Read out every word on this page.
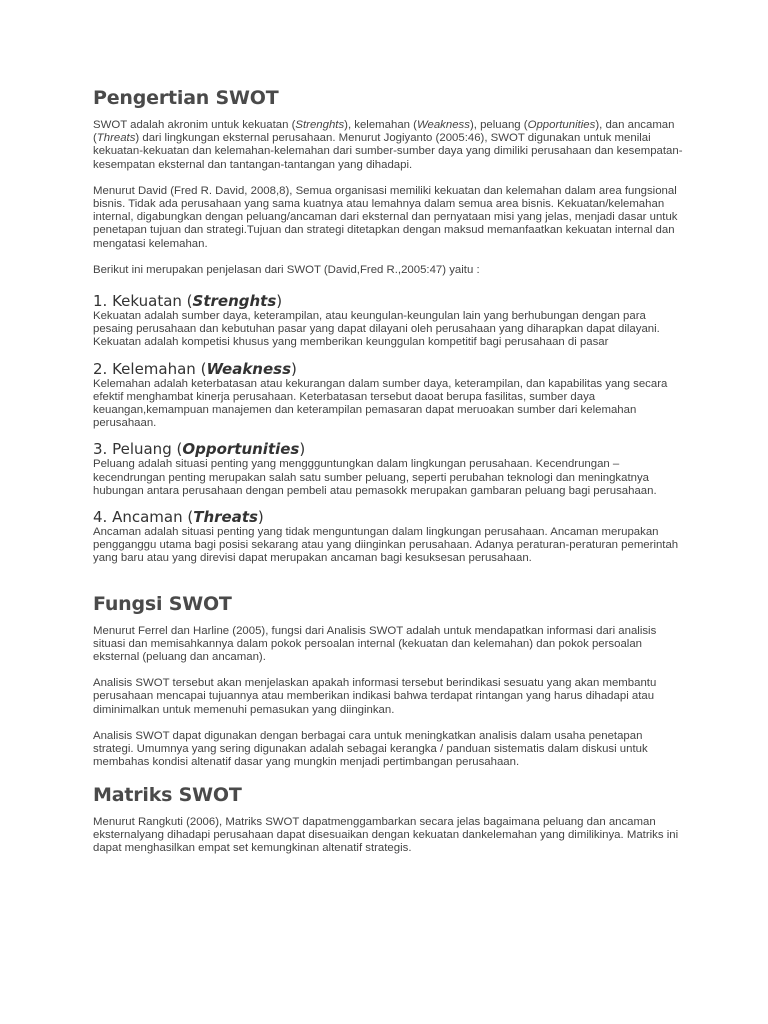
Pengertian SWOT

SWOT adalah akronim untuk kekuatan (Strenghts), kelemahan (Weakness), peluang (Opportunities), dan ancaman (Threats) dari lingkungan eksternal perusahaan. Menurut Jogiyanto (2005:46), SWOT digunakan untuk menilai kekuatan-kekuatan dan kelemahan-kelemahan dari sumber-sumber daya yang dimiliki perusahaan dan kesempatan-kesempatan eksternal dan tantangan-tantangan yang dihadapi.

Menurut David (Fred R. David, 2008,8), Semua organisasi memiliki kekuatan dan kelemahan dalam area fungsional bisnis. Tidak ada perusahaan yang sama kuatnya atau lemahnya dalam semua area bisnis. Kekuatan/kelemahan internal, digabungkan dengan peluang/ancaman dari eksternal dan pernyataan misi yang jelas, menjadi dasar untuk penetapan tujuan dan strategi.Tujuan dan strategi ditetapkan dengan maksud memanfaatkan kekuatan internal dan mengatasi kelemahan.

Berikut ini merupakan penjelasan dari SWOT (David,Fred R.,2005:47) yaitu :

1. Kekuatan (Strenghts)

Kekuatan adalah sumber daya, keterampilan, atau keungulan-keungulan lain yang berhubungan dengan para pesaing perusahaan dan kebutuhan pasar yang dapat dilayani oleh perusahaan yang diharapkan dapat dilayani. Kekuatan adalah kompetisi khusus yang memberikan keunggulan kompetitif bagi perusahaan di pasar

2. Kelemahan (Weakness)

Kelemahan adalah keterbatasan atau kekurangan dalam sumber daya, keterampilan, dan kapabilitas yang secara efektif menghambat kinerja perusahaan. Keterbatasan tersebut daoat berupa fasilitas, sumber daya keuangan,kemampuan manajemen dan keterampilan pemasaran dapat meruoakan sumber dari kelemahan perusahaan.

3. Peluang (Opportunities)

Peluang adalah situasi penting yang menggguntungkan dalam lingkungan perusahaan. Kecendrungan – kecendrungan penting merupakan salah satu sumber peluang, seperti perubahan teknologi dan meningkatnya hubungan antara perusahaan dengan pembeli atau pemasokk merupakan gambaran peluang bagi perusahaan.

4. Ancaman (Threats)

Ancaman adalah situasi penting yang tidak menguntungan dalam lingkungan perusahaan. Ancaman merupakan pengganggu utama bagi posisi sekarang atau yang diinginkan perusahaan. Adanya peraturan-peraturan pemerintah yang baru atau yang direvisi dapat merupakan ancaman bagi kesuksesan perusahaan.

Fungsi SWOT

Menurut Ferrel dan Harline (2005), fungsi dari Analisis SWOT adalah untuk mendapatkan informasi dari analisis situasi dan memisahkannya dalam pokok persoalan internal (kekuatan dan kelemahan) dan pokok persoalan eksternal (peluang dan ancaman).

Analisis SWOT tersebut akan menjelaskan apakah informasi tersebut berindikasi sesuatu yang akan membantu perusahaan mencapai tujuannya atau memberikan indikasi bahwa terdapat rintangan yang harus dihadapi atau diminimalkan untuk memenuhi pemasukan yang diinginkan.

Analisis SWOT dapat digunakan dengan berbagai cara untuk meningkatkan analisis dalam usaha penetapan strategi. Umumnya yang sering digunakan adalah sebagai kerangka / panduan sistematis dalam diskusi untuk membahas kondisi altenatif dasar yang mungkin menjadi pertimbangan perusahaan.

Matriks SWOT

Menurut Rangkuti (2006), Matriks SWOT dapatmenggambarkan secara jelas bagaimana peluang dan ancaman eksternalyang dihadapi perusahaan dapat disesuaikan dengan kekuatan dankelemahan yang dimilikinya. Matriks ini dapat menghasilkan empat set kemungkinan altenatif strategis.
